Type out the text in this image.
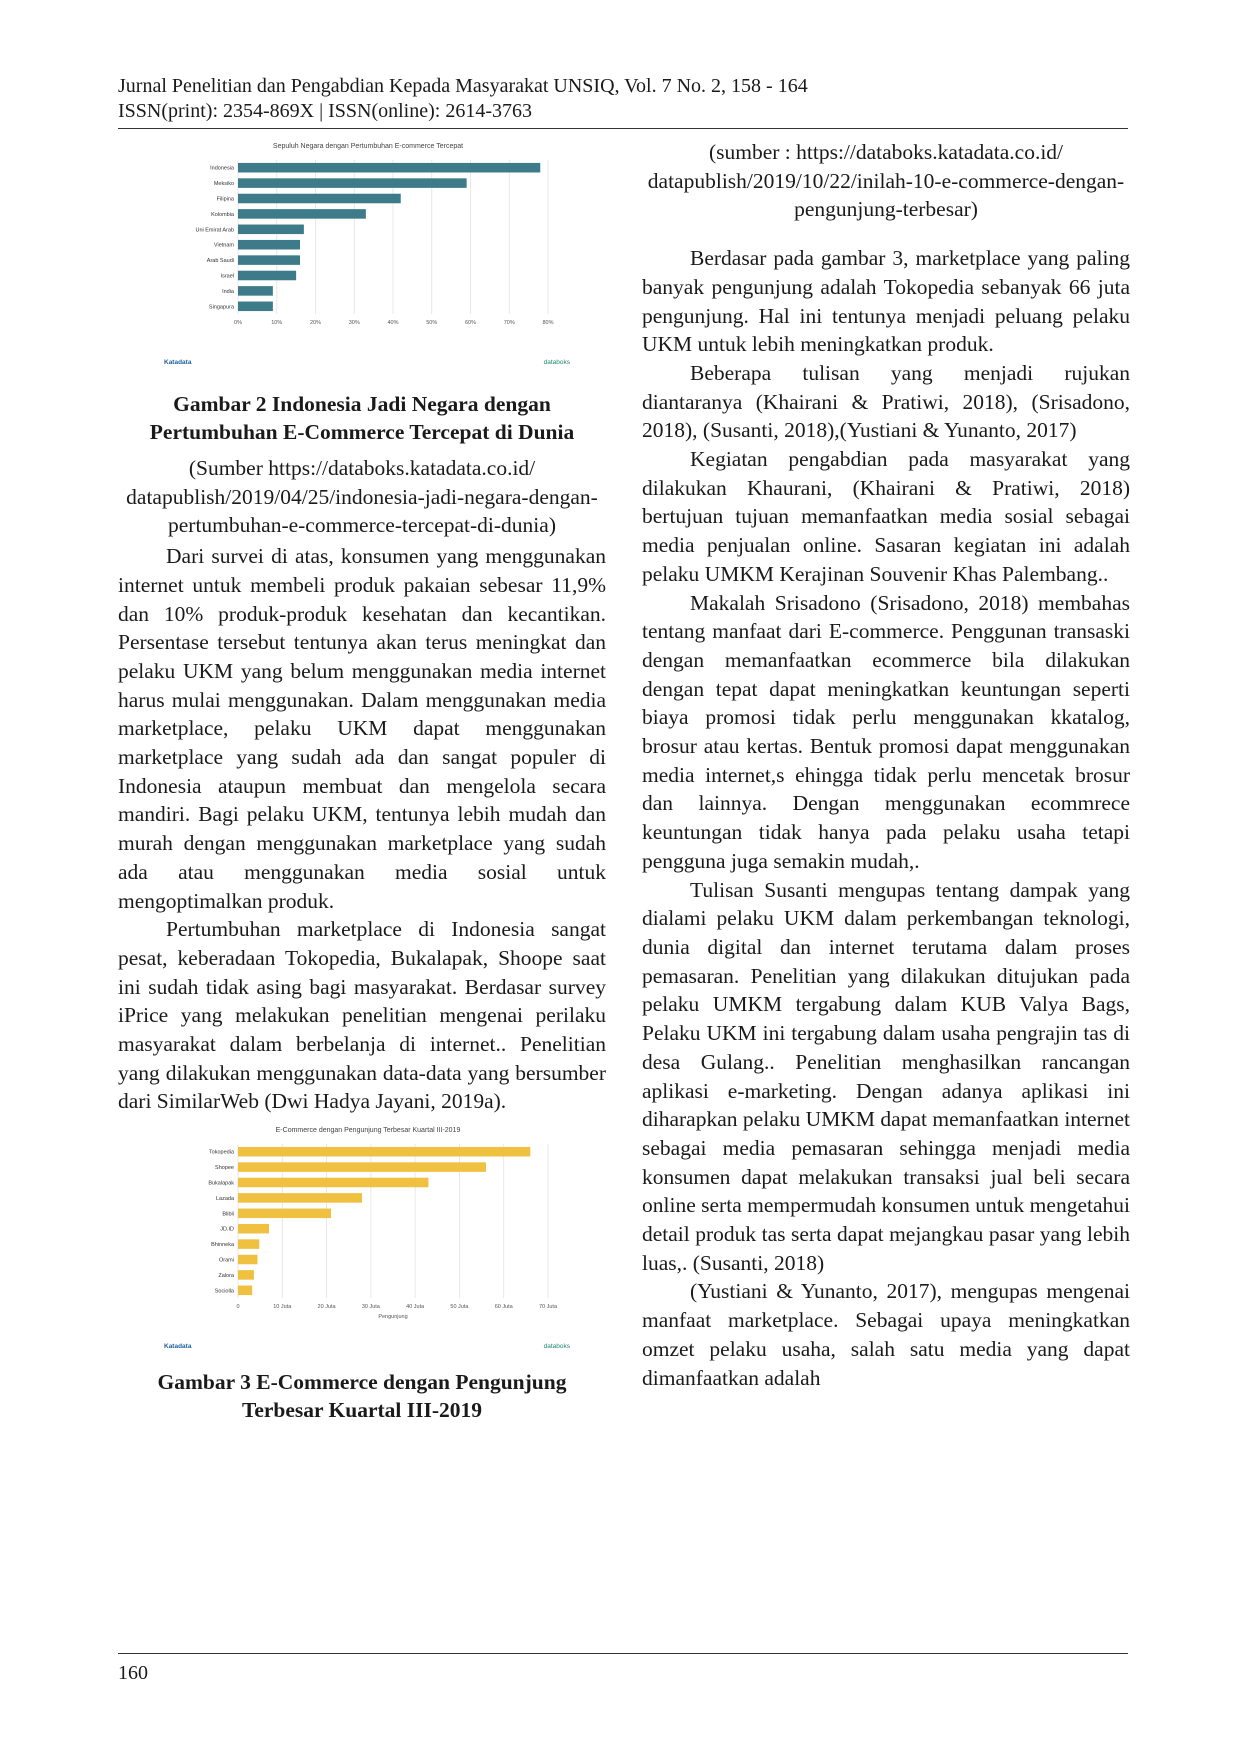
Jurnal Penelitian dan Pengabdian Kepada Masyarakat UNSIQ, Vol. 7 No. 2, 158 - 164
ISSN(print): 2354-869X | ISSN(online): 2614-3763
Sepuluh Negara dengan Pertumbuhan E-commerce Tercepat
0%	10%	20%	30%	40%	50%	60%	70%	80%
Indonesia
Meksiko
Filipina
Kolombia
Uni Emirat Arab
Vietnam
Arab Saudi
Israel
India
Singapura
Katadata	databoks

Gambar 2 Indonesia Jadi Negara dengan Pertumbuhan E-Commerce Tercepat di Dunia

(Sumber https://databoks.katadata.co.id/ datapublish/2019/04/25/indonesia-jadi-negara-dengan-pertumbuhan-e-commerce-tercepat-di-dunia)

Dari survei di atas, konsumen yang menggunakan internet untuk membeli produk pakaian sebesar 11,9% dan 10% produk-produk kesehatan dan kecantikan. Persentase tersebut tentunya akan terus meningkat dan pelaku UKM yang belum menggunakan media internet harus mulai menggunakan. Dalam menggunakan media marketplace, pelaku UKM dapat menggunakan marketplace yang sudah ada dan sangat populer di Indonesia ataupun membuat dan mengelola secara mandiri. Bagi pelaku UKM, tentunya lebih mudah dan murah dengan menggunakan marketplace yang sudah ada atau menggunakan media sosial untuk mengoptimalkan produk.

Pertumbuhan marketplace di Indonesia sangat pesat, keberadaan Tokopedia, Bukalapak, Shoope saat ini sudah tidak asing bagi masyarakat. Berdasar survey iPrice yang melakukan penelitian mengenai perilaku masyarakat dalam berbelanja di internet.. Penelitian yang dilakukan menggunakan data-data yang bersumber dari SimilarWeb (Dwi Hadya Jayani, 2019a).

E-Commerce dengan Pengunjung Terbesar Kuartal III-2019
0	10 Juta	20 Juta	30 Juta	40 Juta	50 Juta	60 Juta	70 Juta
Pengunjung
Tokopedia
Shopee
Bukalapak
Lazada
Blibli
JD.ID
Bhinneka
Orami
Zalora
Sociolla
Katadata	databoks

Gambar 3 E-Commerce dengan Pengunjung Terbesar Kuartal III-2019

(sumber : https://databoks.katadata.co.id/ datapublish/2019/10/22/inilah-10-e-commerce-dengan-pengunjung-terbesar)

Berdasar pada gambar 3, marketplace yang paling banyak pengunjung adalah Tokopedia sebanyak 66 juta pengunjung. Hal ini tentunya menjadi peluang pelaku UKM untuk lebih meningkatkan produk.

Beberapa tulisan yang menjadi rujukan diantaranya (Khairani & Pratiwi, 2018), (Srisadono, 2018), (Susanti, 2018),(Yustiani & Yunanto, 2017)

Kegiatan pengabdian pada masyarakat yang dilakukan Khaurani, (Khairani & Pratiwi, 2018) bertujuan tujuan memanfaatkan media sosial sebagai media penjualan online. Sasaran kegiatan ini adalah pelaku UMKM Kerajinan Souvenir Khas Palembang..

Makalah Srisadono (Srisadono, 2018) membahas tentang manfaat dari E-commerce. Penggunan transaski dengan memanfaatkan ecommerce bila dilakukan dengan tepat dapat meningkatkan keuntungan seperti biaya promosi tidak perlu menggunakan kkatalog, brosur atau kertas. Bentuk promosi dapat menggunakan media internet,s ehingga tidak perlu mencetak brosur dan lainnya. Dengan menggunakan ecommrece keuntungan tidak hanya pada pelaku usaha tetapi pengguna juga semakin mudah,.

Tulisan Susanti mengupas tentang dampak yang dialami pelaku UKM dalam perkembangan teknologi, dunia digital dan internet terutama dalam proses pemasaran. Penelitian yang dilakukan ditujukan pada pelaku UMKM tergabung dalam KUB Valya Bags, Pelaku UKM ini tergabung dalam usaha pengrajin tas di desa Gulang.. Penelitian menghasilkan rancangan aplikasi e-marketing. Dengan adanya aplikasi ini diharapkan pelaku UMKM dapat memanfaatkan internet sebagai media pemasaran sehingga menjadi media konsumen dapat melakukan transaksi jual beli secara online serta mempermudah konsumen untuk mengetahui detail produk tas serta dapat mejangkau pasar yang lebih luas,. (Susanti, 2018)

(Yustiani & Yunanto, 2017), mengupas mengenai manfaat marketplace. Sebagai upaya meningkatkan omzet pelaku usaha, salah satu media yang dapat dimanfaatkan adalah

160
